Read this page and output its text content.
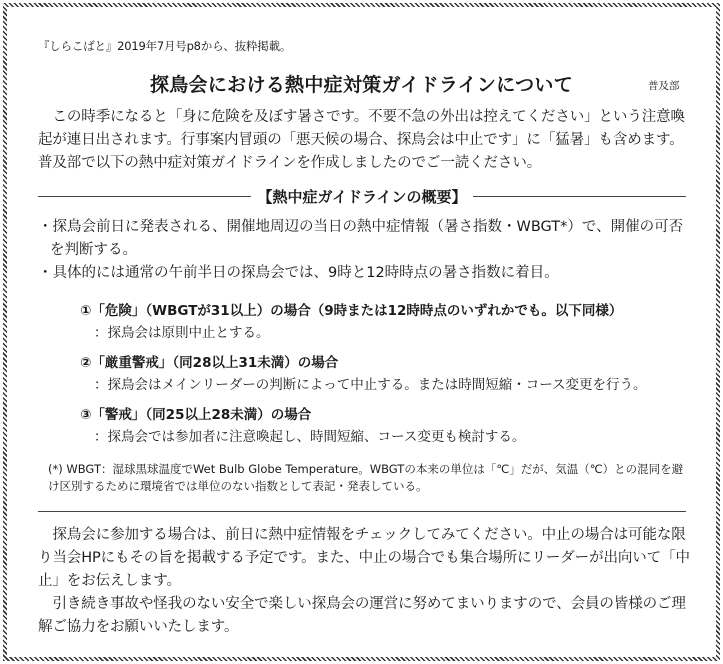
『しらこばと』2019年7月号p8から、抜粋掲載。
探鳥会における熱中症対策ガイドラインについて	普及部

この時季になると「身に危険を及ぼす暑さです。不要不急の外出は控えてください」という注意喚起が連日出されます。行事案内冒頭の「悪天候の場合、探鳥会は中止です」に「猛暑」も含めます。普及部で以下の熱中症対策ガイドラインを作成しましたのでご一読ください。

【熱中症ガイドラインの概要】
・探鳥会前日に発表される、開催地周辺の当日の熱中症情報（暑さ指数・WBGT*）で、開催の可否を判断する。
・具体的には通常の午前半日の探鳥会では、9時と12時時点の暑さ指数に着目。
①「危険」（WBGTが31以上）の場合（9時または12時時点のいずれかでも。以下同様）
：探鳥会は原則中止とする。
②「厳重警戒」（同28以上31未満）の場合
：探鳥会はメインリーダーの判断によって中止する。または時間短縮・コース変更を行う。
③「警戒」（同25以上28未満）の場合
：探鳥会では参加者に注意喚起し、時間短縮、コース変更も検討する。
(*) WBGT：湿球黒球温度でWet Bulb Globe Temperature。WBGTの本来の単位は「℃」だが、気温（℃）との混同を避け区別するために環境省では単位のない指数として表記・発表している。

探鳥会に参加する場合は、前日に熱中症情報をチェックしてみてください。中止の場合は可能な限り当会HPにもその旨を掲載する予定です。また、中止の場合でも集合場所にリーダーが出向いて「中止」をお伝えします。

引き続き事故や怪我のない安全で楽しい探鳥会の運営に努めてまいりますので、会員の皆様のご理解ご協力をお願いいたします。
